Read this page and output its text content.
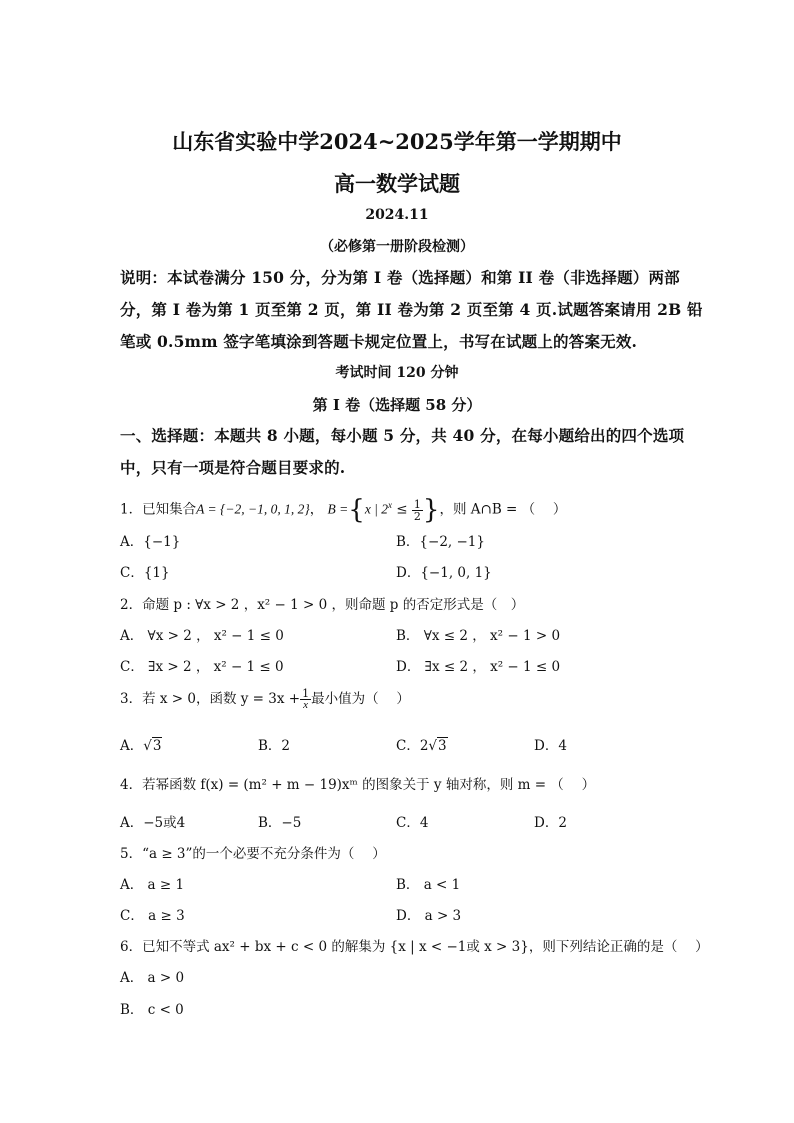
山东省实验中学2024~2025学年第一学期期中
高一数学试题
2024.11
（必修第一册阶段检测）
说明：本试卷满分 150 分，分为第 I 卷（选择题）和第 II 卷（非选择题）两部
分，第 I 卷为第 1 页至第 2 页，第 II 卷为第 2 页至第 4 页.试题答案请用 2B 铅
笔或 0.5mm 签字笔填涂到答题卡规定位置上，书写在试题上的答案无效.
考试时间 120 分钟
第 I 卷（选择题 58 分）
一、选择题：本题共 8 小题，每小题 5 分，共 40 分，在每小题给出的四个选项
中，只有一项是符合题目要求的.
1．已知集合A = {−2, −1, 0, 1, 2}， B ={x | $2^x \le \frac{1}{2}$ }，则 A∩B = （　 ）
A．{−1}	B．{−2, −1}
C．{1}	D．{−1, 0, 1}
2．命题 p : ∀x > 2 ，x² − 1 > 0 ，则命题 p 的否定形式是（　）
A． ∀x > 2 ， x² − 1 ≤ 0	B． ∀x ≤ 2 ， x² − 1 > 0
C． ∃x > 2 ， x² − 1 ≤ 0	D． ∃x ≤ 2 ， x² − 1 ≤ 0
3．若 x > 0，函数 $y = 3x + \frac{1}{x}$ 最小值为（　 ）
A．√3	B．2	C．2√3	D．4
4．若幂函数 f(x) = (m² + m − 19)xᵐ 的图象关于 y 轴对称，则 m = （　 ）
A．−5或4	B．−5	C．4	D．2
5．“a ≥ 3”的一个必要不充分条件为（　 ）
A． a ≥ 1	B． a < 1
C． a ≥ 3	D． a > 3
6．已知不等式 ax² + bx + c < 0 的解集为 {x | x < −1或 x > 3}，则下列结论正确的是（　 ）
A． a > 0
B． c < 0
